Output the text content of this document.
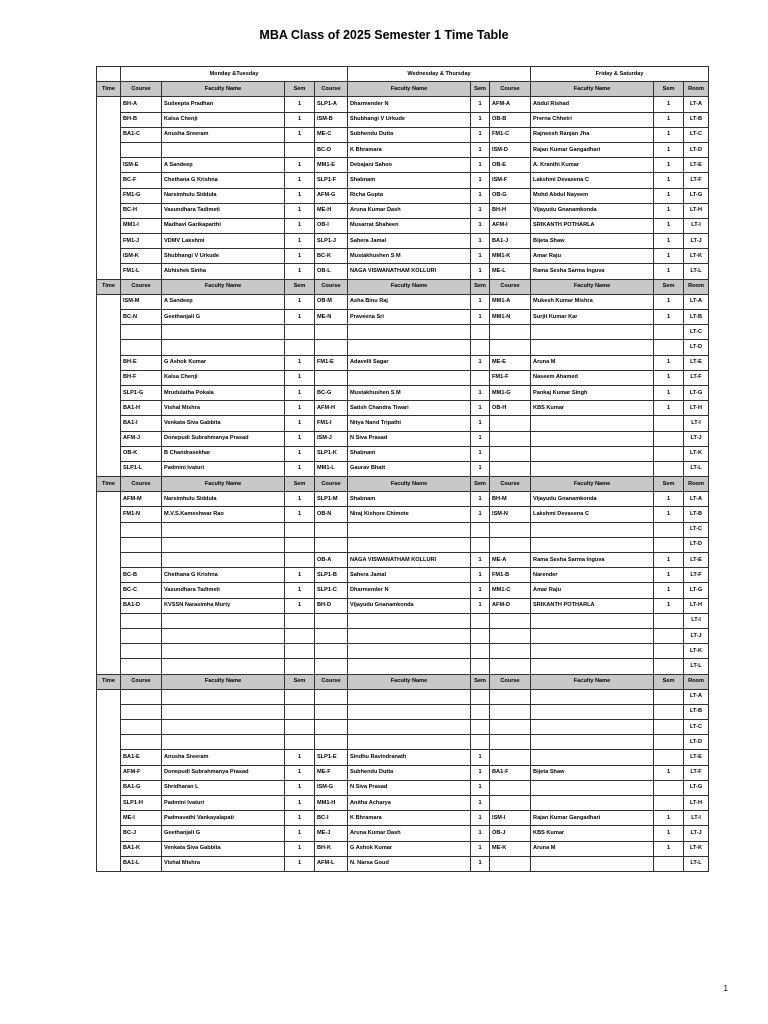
MBA Class of 2025 Semester 1 Time Table
	Monday &Tuesday				Wednesday & Thursday			Friday & Saturday		
Time	Course	Faculty Name	Sem	Course	Faculty Name	Sem	Course	Faculty Name	Sem	Room
	BH-A	Sudeepta Pradhan	1	SLP1-A	Dharmender N	1	AFM-A	Abdul Rishad	1	LT-A
	BH-B	Kalsa Chenji	1	ISM-B	Shubhangi V Urkude	1	OB-B	Prerna Chhetri	1	LT-B
	BA1-C	Anusha Sreeram	1	ME-C	Subhendu Dutta	1	FM1-C	Rajneesh Ranjan Jha	1	LT-C
				BC-D	K Bhramara	1	ISM-D	Rajan Kumar Gangadhari	1	LT-D
	ISM-E	A Sandeep	1	MM1-E	Debajani Sahoo	1	OB-E	A. Kranthi Kumar	1	LT-E
	BC-F	Chethana G Krishna	1	SLP1-F	Shabnam	1	ISM-F	Lakshmi Devasena C	1	LT-F
	FM1-G	Narsimhulu Siddula	1	AFM-G	Richa Gupta	1	OB-G	Mohd Abdul Nayeem	1	LT-G
	BC-H	Vasundhara Tadimeti	1	ME-H	Aruna Kumar Dash	1	BH-H	Vijayudu Gnanamkonda	1	LT-H
	MM1-I	Madhavi Garikaparthi	1	OB-I	Musarrat Shaheen	1	AFM-I	SRIKANTH POTHARLA	1	LT-I
	FM1-J	VDMV Lakshmi	1	SLP1-J	Sahera Jamal	1	BA1-J	Bijeta Shaw	1	LT-J
	ISM-K	Shubhangi V Urkude	1	BC-K	Mustakhushen S M	1	MM1-K	Amar Raju	1	LT-K
	FM1-L	Abhishek Sinha	1	OB-L	NAGA VISWANATHAM KOLLURI	1	ME-L	Rama Sesha Sarma Inguva	1	LT-L
Time	Course	Faculty Name	Sem	Course	Faculty Name	Sem	Course	Faculty Name	Sem	Room
	ISM-M	A Sandeep	1	OB-M	Asha Binu Raj	1	MM1-A	Mukesh Kumar Mishra	1	LT-A
	BC-N	Geethanjali G	1	ME-N	Praveena Sri	1	MM1-N	Surjit Kumar Kar	1	LT-B
										LT-C
										LT-D
	BH-E	G Ashok Kumar	1	FM1-E	Adavelli Sagar	1	ME-E	Aruna M	1	LT-E
	BH-F	Kalsa Chenji	1				FM1-F	Naseem Ahamed	1	LT-F
	SLP1-G	Mrudulatha Pokala	1	BC-G	Mustakhushen S M	1	MM1-G	Pankaj Kumar Singh	1	LT-G
	BA1-H	Vishal Mishra	1	AFM-H	Satish Chandra Tiwari	1	OB-H	KBS Kumar	1	LT-H
	BA1-I	Venkata Siva Gabbita	1	FM1-I	Nitya Nand Tripathi	1				LT-I
	AFM-J	Donepudi Subrahmanya Prasad	1	ISM-J	N Siva Prasad	1				LT-J
	OB-K	B Chandrasekhar	1	SLP1-K	Shabnam	1				LT-K
	SLP1-L	Padmini Ivaturi	1	MM1-L	Gaurav Bhatt	1				LT-L
Time	Course	Faculty Name	Sem	Course	Faculty Name	Sem	Course	Faculty Name	Sem	Room
	AFM-M	Narsimhulu Siddula	1	SLP1-M	Shabnam	1	BH-M	Vijayudu Gnanamkonda	1	LT-A
	FM1-N	M.V.S.Kameshwar Rao	1	OB-N	Niraj Kishore Chimote	1	ISM-N	Lakshmi Devasena C	1	LT-B
										LT-C
										LT-D
				OB-A	NAGA VISWANATHAM KOLLURI	1	ME-A	Rama Sesha Sarma Inguva	1	LT-E
	BC-B	Chethana G Krishna	1	SLP1-B	Sahera Jamal	1	FM1-B	Narender	1	LT-F
	BC-C	Vasundhara Tadimeti	1	SLP1-C	Dharmender N	1	MM1-C	Amar Raju	1	LT-G
	BA1-D	KVSSN Narasimha Murty	1	BH-D	Vijayudu Gnanamkonda	1	AFM-D	SRIKANTH POTHARLA	1	LT-H
										LT-I
										LT-J
										LT-K
										LT-L
Time	Course	Faculty Name	Sem	Course	Faculty Name	Sem	Course	Faculty Name	Sem	Room
										LT-A
										LT-B
										LT-C
										LT-D
	BA1-E	Anusha Sreeram	1	SLP1-E	Sindhu Ravindranath	1				LT-E
	AFM-F	Donepudi Subrahmanya Prasad	1	ME-F	Subhendu Dutta	1	BA1-F	Bijeta Shaw	1	LT-F
	BA1-G	Shridharan L	1	ISM-G	N Siva Prasad	1				LT-G
	SLP1-H	Padmini Ivaturi	1	MM1-H	Anitha Acharya	1				LT-H
	ME-I	Padmavathi Vankayalapati	1	BC-I	K Bhramara	1	ISM-I	Rajan Kumar Gangadhari	1	LT-I
	BC-J	Geethanjali G	1	ME-J	Aruna Kumar Dash	1	OB-J	KBS Kumar	1	LT-J
	BA1-K	Venkata Siva Gabbita	1	BH-K	G Ashok Kumar	1	ME-K	Aruna M	1	LT-K
	BA1-L	Vishal Mishra	1	AFM-L	N. Narsa Goud	1				LT-L
1
